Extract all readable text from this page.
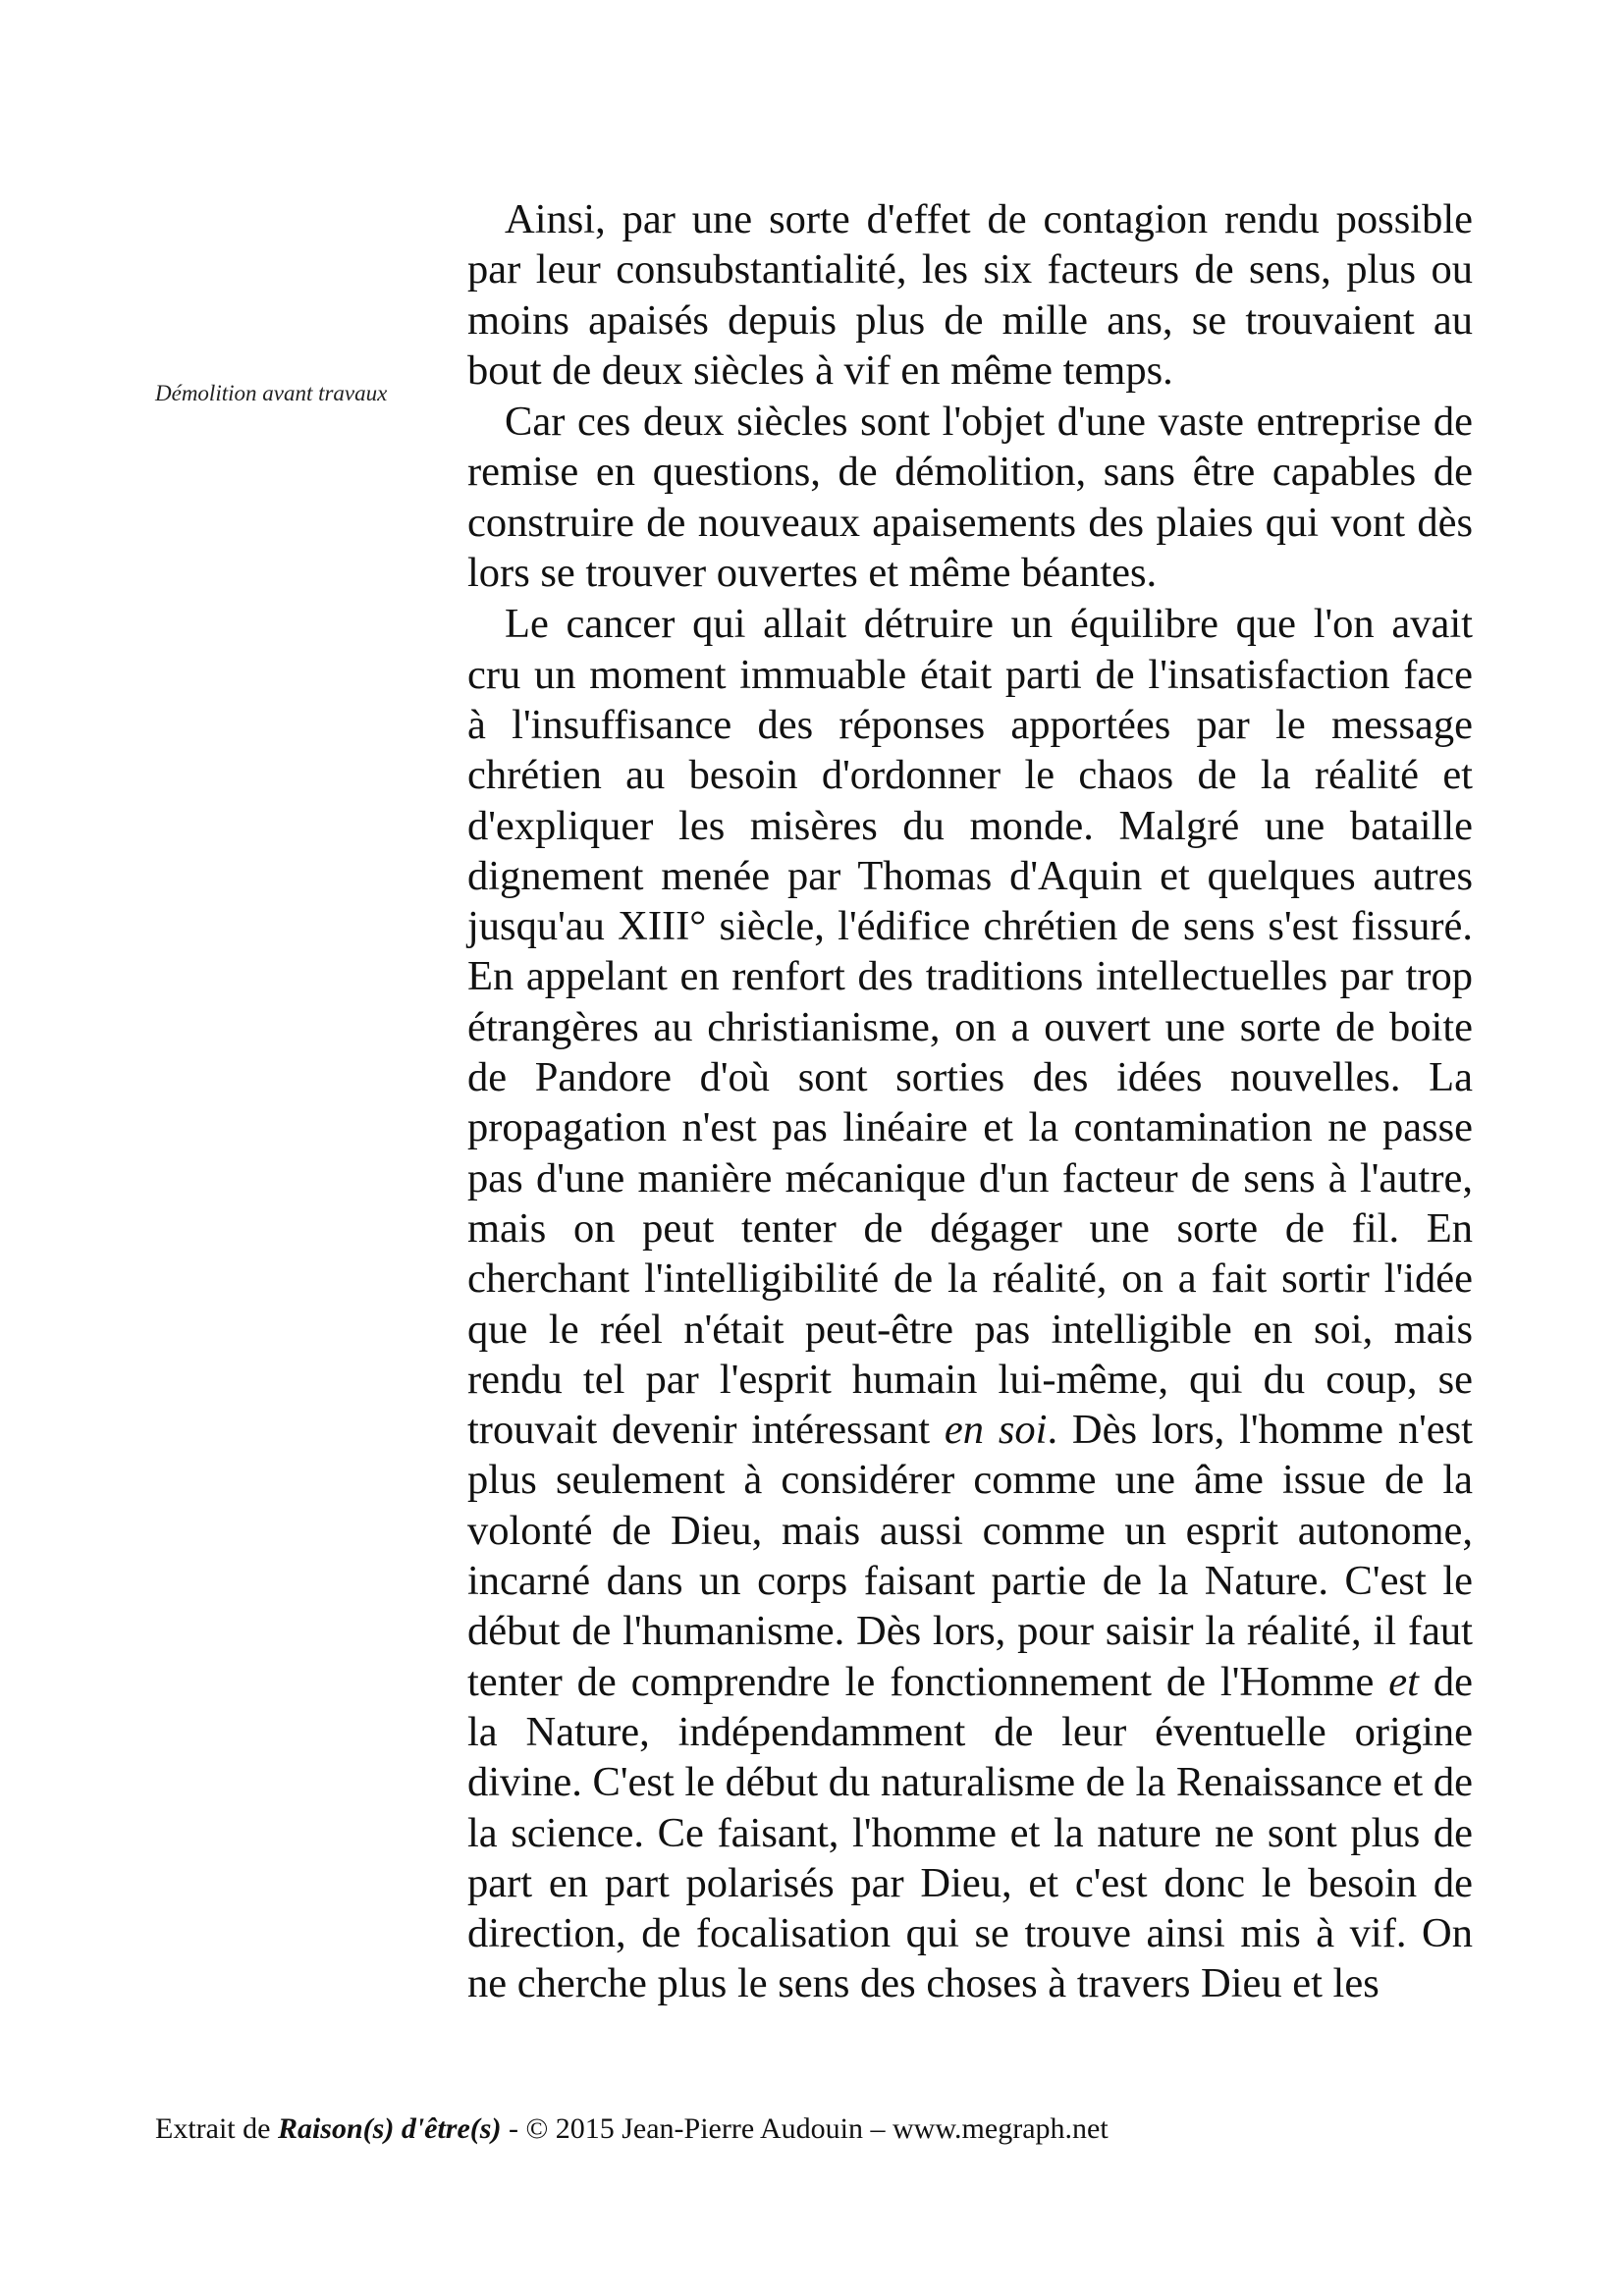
Démolition avant travaux

Ainsi, par une sorte d'effet de contagion rendu possible par leur consubstantialité, les six facteurs de sens, plus ou moins apaisés depuis plus de mille ans, se trouvaient au bout de deux siècles à vif en même temps.

Car ces deux siècles sont l'objet d'une vaste entreprise de remise en questions, de démolition, sans être capables de construire de nouveaux apaisements des plaies qui vont dès lors se trouver ouvertes et même béantes.

Le cancer qui allait détruire un équilibre que l'on avait cru un moment immuable était parti de l'insatisfaction face à l'insuffisance des réponses apportées par le message chrétien au besoin d'ordonner le chaos de la réalité et d'expliquer les misères du monde. Malgré une bataille dignement menée par Thomas d'Aquin et quelques autres jusqu'au XIII° siècle, l'édifice chrétien de sens s'est fissuré. En appelant en renfort des traditions intellectuelles par trop étrangères au christianisme, on a ouvert une sorte de boite de Pandore d'où sont sorties des idées nouvelles. La propagation n'est pas linéaire et la contamination ne passe pas d'une manière mécanique d'un facteur de sens à l'autre, mais on peut tenter de dégager une sorte de fil. En cherchant l'intelligibilité de la réalité, on a fait sortir l'idée que le réel n'était peut-être pas intelligible en soi, mais rendu tel par l'esprit humain lui-même, qui du coup, se trouvait devenir intéressant en soi. Dès lors, l'homme n'est plus seulement à considérer comme une âme issue de la volonté de Dieu, mais aussi comme un esprit autonome, incarné dans un corps faisant partie de la Nature. C'est le début de l'humanisme. Dès lors, pour saisir la réalité, il faut tenter de comprendre le fonctionnement de l'Homme et de la Nature, indépendamment de leur éventuelle origine divine. C'est le début du naturalisme de la Renaissance et de la science. Ce faisant, l'homme et la nature ne sont plus de part en part polarisés par Dieu, et c'est donc le besoin de direction, de focalisation qui se trouve ainsi mis à vif. On ne cherche plus le sens des choses à travers Dieu et les

Extrait de Raison(s) d'être(s) - © 2015 Jean-Pierre Audouin – www.megraph.net
